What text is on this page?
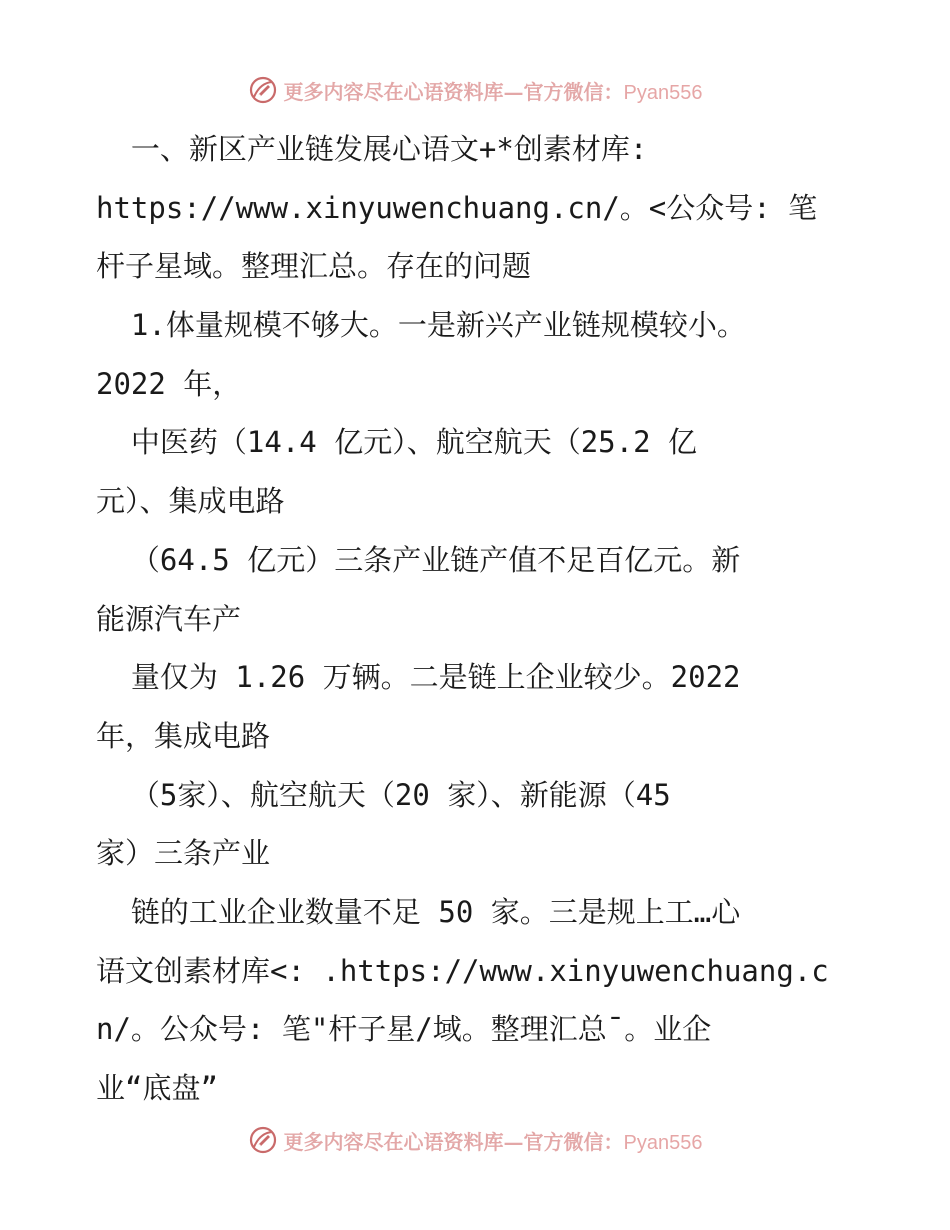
更多内容尽在心语资料库—官方微信：Pyan556
一、新区产业链发展心语文+*创素材库:
https://www.xinyuwenchuang.cn/。<公众号: 笔
杆子星域。整理汇总。存在的问题
1.体量规模不够大。一是新兴产业链规模较小。
2022 年，
中医药（14.4 亿元）、航空航天（25.2 亿
元）、集成电路
（64.5 亿元）三条产业链产值不足百亿元。新
能源汽车产
量仅为 1.26 万辆。二是链上企业较少。2022
年，集成电路
（5家）、航空航天（20 家）、新能源（45
家）三条产业
链的工业企业数量不足 50 家。三是规上工…心
语文创素材库<: .https://www.xinyuwenchuang.c
n/。公众号: 笔"杆子星/域。整理汇总¯。业企
业“底盘”
更多内容尽在心语资料库—官方微信：Pyan556
